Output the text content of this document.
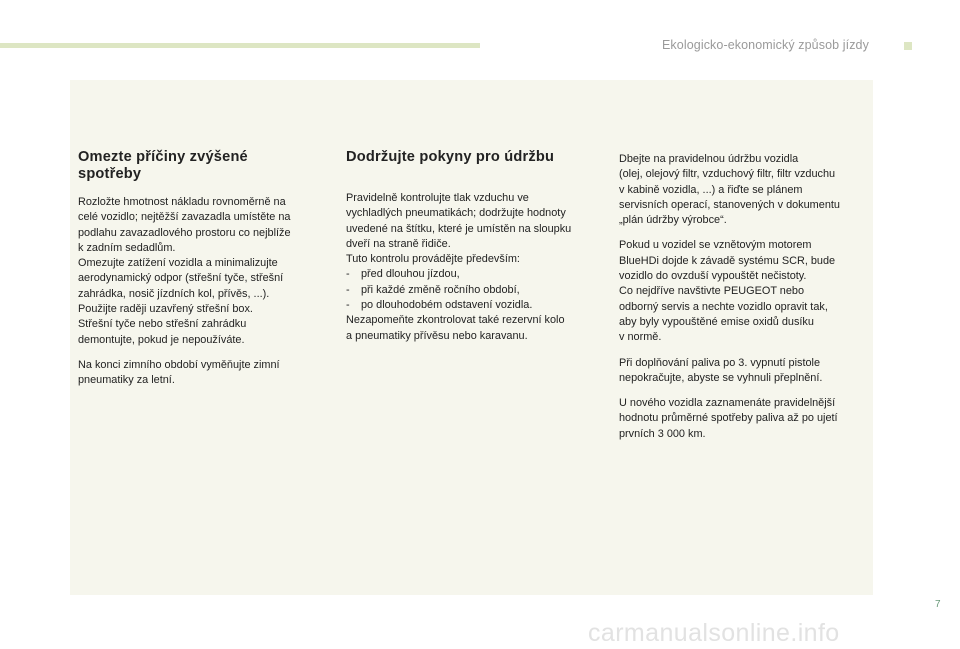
Ekologicko-ekonomický způsob jízdy
Omezte příčiny zvýšené
spotřeby

Rozložte hmotnost nákladu rovnoměrně na
celé vozidlo; nejtěžší zavazadla umístěte na
podlahu zavazadlového prostoru co nejblíže
k zadním sedadlům.
Omezujte zatížení vozidla a minimalizujte
aerodynamický odpor (střešní tyče, střešní
zahrádka, nosič jízdních kol, přívěs, ...).
Použijte raději uzavřený střešní box.
Střešní tyče nebo střešní zahrádku
demontujte, pokud je nepoužíváte.

Na konci zimního období vyměňujte zimní
pneumatiky za letní.

Dodržujte pokyny pro údržbu
Pravidelně kontrolujte tlak vzduchu ve
vychladlých pneumatikách; dodržujte hodnoty
uvedené na štítku, které je umístěn na sloupku
dveří na straně řidiče.
Tuto kontrolu provádějte především:
- před dlouhou jízdou,
- při každé změně ročního období,
- po dlouhodobém odstavení vozidla.
Nezapomeňte zkontrolovat také rezervní kolo
a pneumatiky přívěsu nebo karavanu.

Dbejte na pravidelnou údržbu vozidla
(olej, olejový filtr, vzduchový filtr, filtr vzduchu
v kabině vozidla, ...) a řiďte se plánem
servisních operací, stanovených v dokumentu
„plán údržby výrobce“.

Pokud u vozidel se vznětovým motorem
BlueHDi dojde k závadě systému SCR, bude
vozidlo do ovzduší vypouštět nečistoty.
Co nejdříve navštivte PEUGEOT nebo
odborný servis a nechte vozidlo opravit tak,
aby byly vypouštěné emise oxidů dusíku
v normě.

Při doplňování paliva po 3. vypnutí pistole
nepokračujte, abyste se vyhnuli přeplnění.

U nového vozidla zaznamenáte pravidelnější
hodnotu průměrné spotřeby paliva až po ujetí
prvních 3 000 km.

7
carmanualsonline.info
